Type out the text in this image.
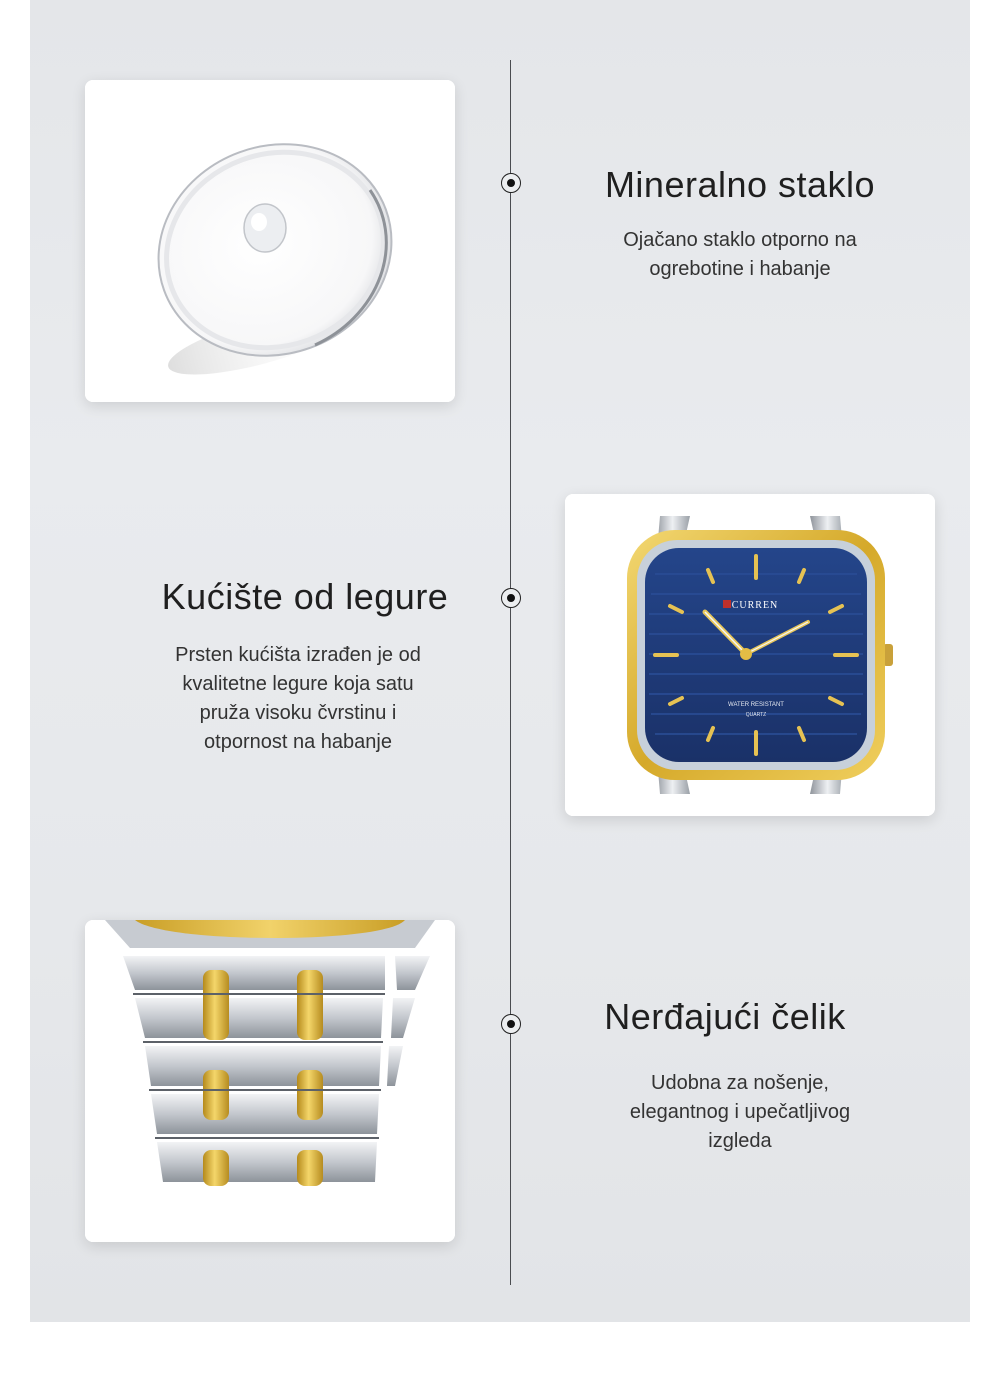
Mineralno staklo

Ojačano staklo otporno na
ogrebotine i habanje

Kućište od legure

Prsten kućišta izrađen je od
kvalitetne legure koja satu
pruža visoku čvrstinu i
otpornost na habanje

CURREN
WATER RESISTANT
QUARTZ
Nerđajući čelik

Udobna za nošenje,
elegantnog i upečatljivog
izgleda
